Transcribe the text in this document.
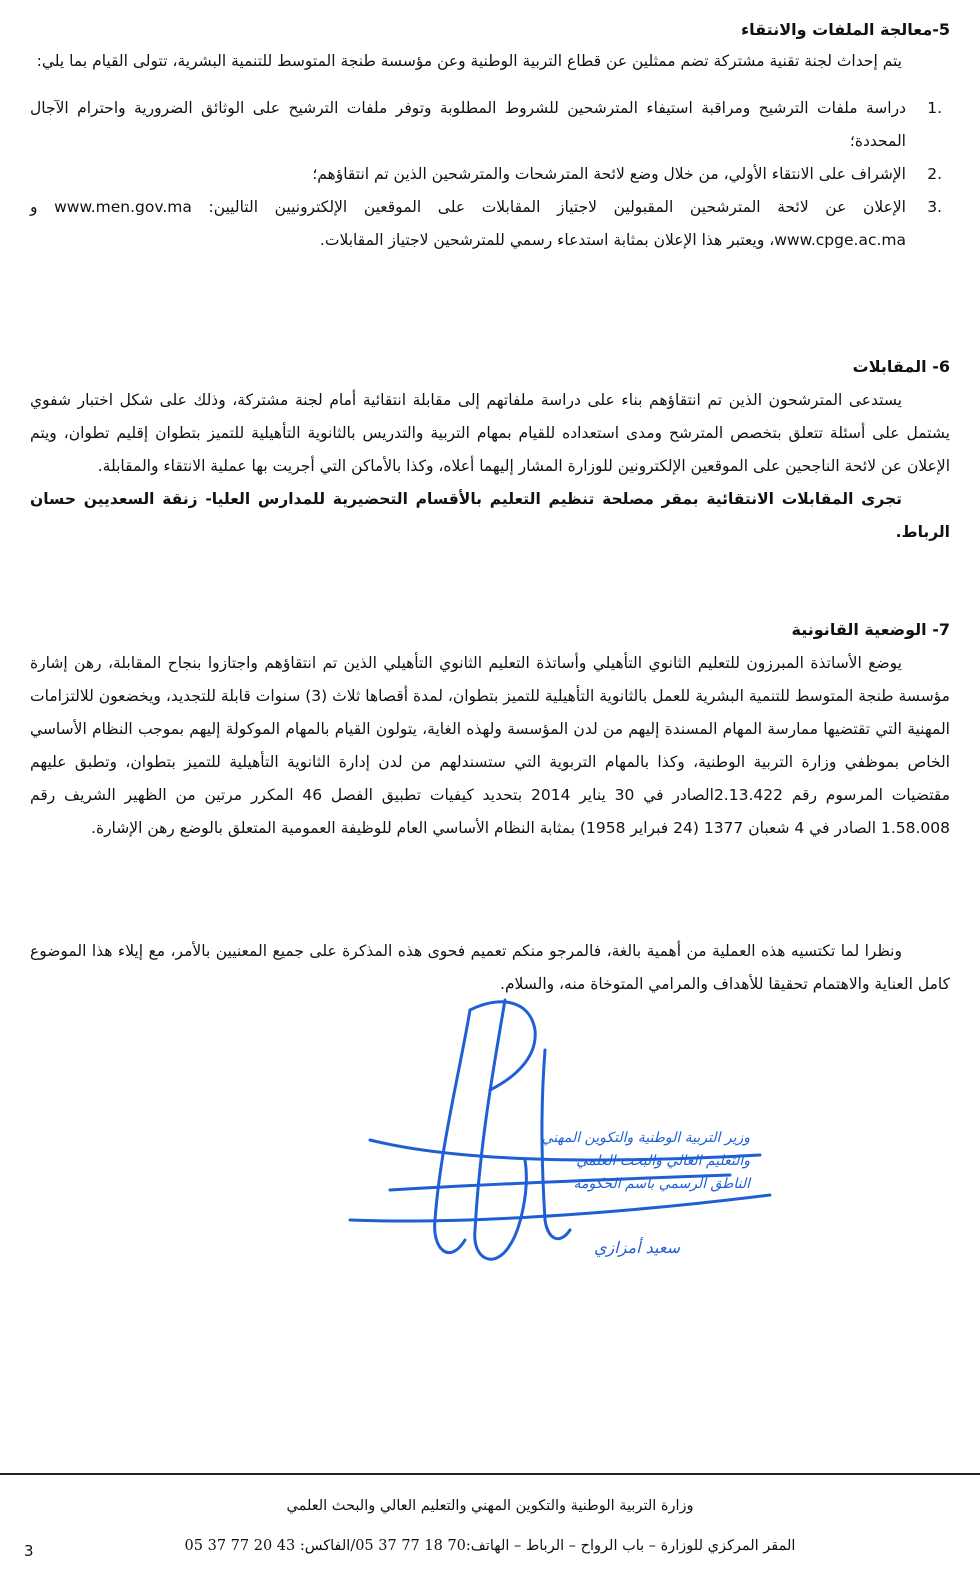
5-معالجة الملفات والانتقاء

يتم إحداث لجنة تقنية مشتركة تضم ممثلين عن قطاع التربية الوطنية وعن مؤسسة طنجة المتوسط للتنمية البشرية، تتولى القيام بما يلي:

.1
دراسة ملفات الترشيح ومراقبة استيفاء المترشحين للشروط المطلوبة وتوفر ملفات الترشيح على الوثائق الضرورية واحترام الآجال المحددة؛
.2
الإشراف على الانتقاء الأولي، من خلال وضع لائحة المترشحات والمترشحين الذين تم انتقاؤهم؛
.3
الإعلان عن لائحة المترشحين المقبولين لاجتياز المقابلات على الموقعين الإلكترونيين التاليين: www.men.gov.ma و www.cpge.ac.ma، ويعتبر هذا الإعلان بمثابة استدعاء رسمي للمترشحين لاجتياز المقابلات.

6- المقابلات

يستدعى المترشحون الذين تم انتقاؤهم بناء على دراسة ملفاتهم إلى مقابلة انتقائية أمام لجنة مشتركة، وذلك على شكل اختبار شفوي يشتمل على أسئلة تتعلق بتخصص المترشح ومدى استعداده للقيام بمهام التربية والتدريس بالثانوية التأهيلية للتميز بتطوان إقليم تطوان، ويتم الإعلان عن لائحة الناجحين على الموقعين الإلكترونين للوزارة المشار إليهما أعلاه، وكذا بالأماكن التي أجريت بها عملية الانتقاء والمقابلة.

تجرى المقابلات الانتقائية بمقر مصلحة تنظيم التعليم بالأقسام التحضيرية للمدارس العليا- زنقة السعديين حسان الرباط.

7- الوضعية القانونية

يوضع الأساتذة المبرزون للتعليم الثانوي التأهيلي وأساتذة التعليم الثانوي التأهيلي الذين تم انتقاؤهم واجتازوا بنجاح المقابلة، رهن إشارة مؤسسة طنجة المتوسط للتنمية البشرية للعمل بالثانوية التأهيلية للتميز بتطوان، لمدة أقصاها ثلاث (3) سنوات قابلة للتجديد، ويخضعون للالتزامات المهنية التي تقتضيها ممارسة المهام المسندة إليهم من لدن المؤسسة ولهذه الغاية، يتولون القيام بالمهام الموكولة إليهم بموجب النظام الأساسي الخاص بموظفي وزارة التربية الوطنية، وكذا بالمهام التربوية التي ستسندلهم من لدن إدارة الثانوية التأهيلية للتميز بتطوان، وتطبق عليهم مقتضيات المرسوم رقم 2.13.422الصادر في 30 يناير 2014 بتحديد كيفيات تطبيق الفصل 46 المكرر مرتين من الظهير الشريف رقم 1.58.008 الصادر في 4 شعبان 1377 (24 فبراير 1958) بمثابة النظام الأساسي العام للوظيفة العمومية المتعلق بالوضع رهن الإشارة.

ونظرا لما تكتسيه هذه العملية من أهمية بالغة، فالمرجو منكم تعميم فحوى هذه المذكرة على جميع المعنيين بالأمر، مع إيلاء هذا الموضوع كامل العناية والاهتمام تحقيقا للأهداف والمرامي المتوخاة منه، والسلام.

وزير التربية الوطنية والتكوين المهني
والتعليم العالي والبحث العلمي
الناطق الرسمي باسم الحكومة
سعيد أمزازي
وزارة التربية الوطنية والتكوين المهني والتعليم العالي والبحث العلمي
المقر المركزي للوزارة – باب الرواح – الرباط – الهاتف:70 18 77 37 05/الفاكس: 43 20 77 37 05
3
